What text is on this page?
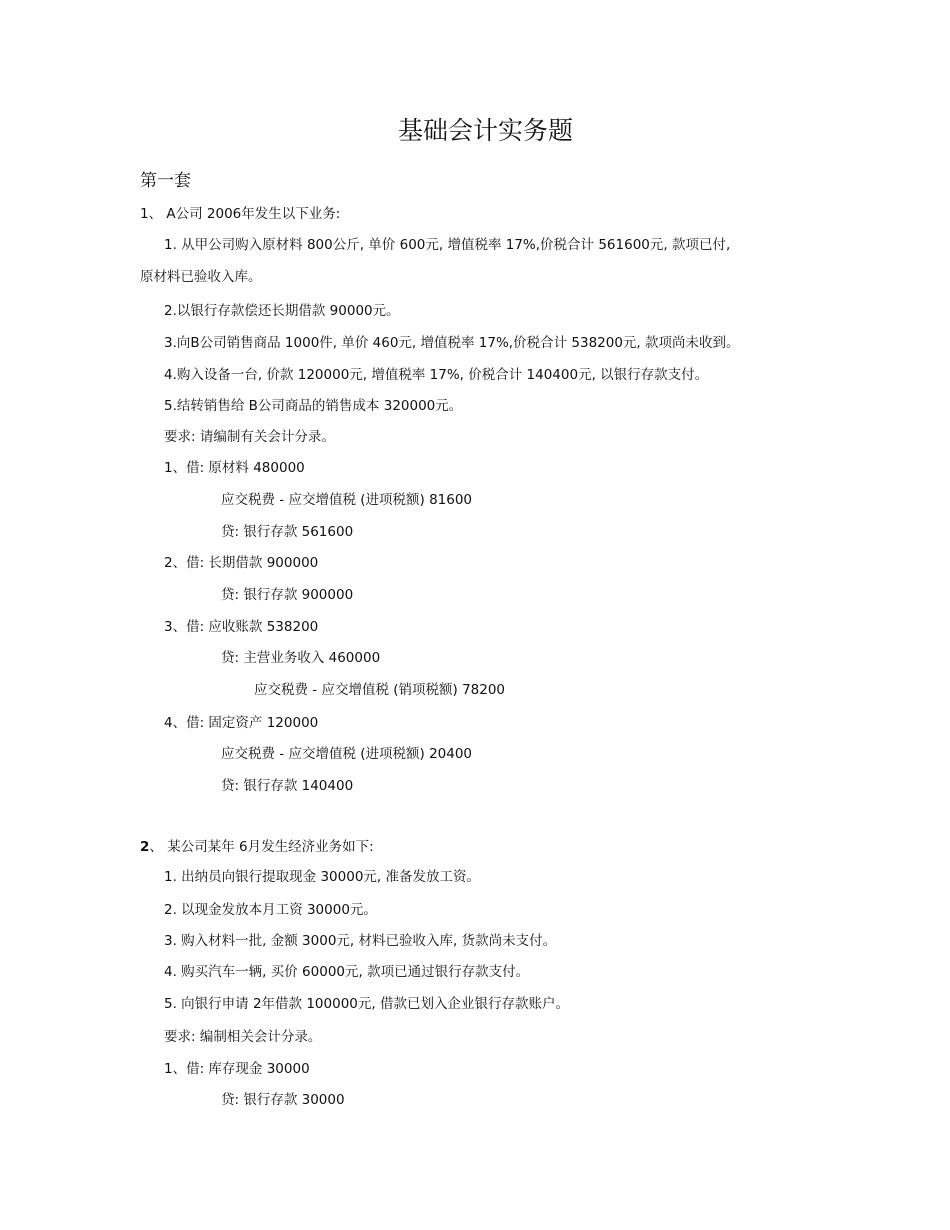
基础会计实务题
第一套
1、 A公司 2006年发生以下业务:
1. 从甲公司购入原材料 800公斤, 单价 600元, 增值税率 17%,价税合计 561600元, 款项已付,
原材料已验收入库。
2.以银行存款偿还长期借款 90000元。
3.向B公司销售商品 1000件, 单价 460元, 增值税率 17%,价税合计 538200元, 款项尚未收到。
4.购入设备一台, 价款 120000元, 增值税率 17%, 价税合计 140400元, 以银行存款支付。
5.结转销售给 B公司商品的销售成本 320000元。
要求: 请编制有关会计分录。
1、借: 原材料 480000
应交税费 - 应交增值税 (进项税额) 81600
贷: 银行存款 561600
2、借: 长期借款 900000
贷: 银行存款 900000
3、借: 应收账款 538200
贷: 主营业务收入 460000
应交税费 - 应交增值税 (销项税额) 78200
4、借: 固定资产 120000
应交税费 - 应交增值税 (进项税额) 20400
贷: 银行存款 140400
2、 某公司某年 6月发生经济业务如下:
1. 出纳员向银行提取现金 30000元, 准备发放工资。
2. 以现金发放本月工资 30000元。
3. 购入材料一批, 金额 3000元, 材料已验收入库, 货款尚未支付。
4. 购买汽车一辆, 买价 60000元, 款项已通过银行存款支付。
5. 向银行申请 2年借款 100000元, 借款已划入企业银行存款账户。
要求: 编制相关会计分录。
1、借: 库存现金 30000
贷: 银行存款 30000
